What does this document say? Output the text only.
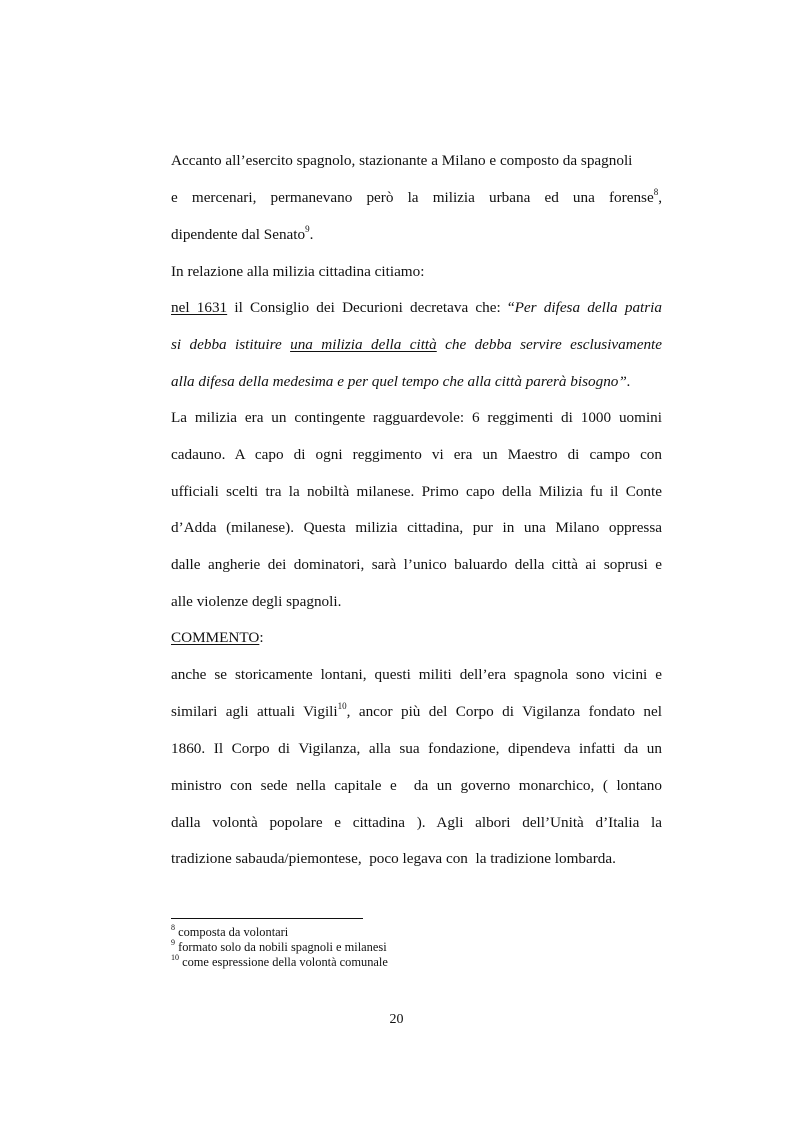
Accanto all’esercito spagnolo, stazionante a Milano e composto da spagnoli
e mercenari, permanevano però la milizia urbana ed una forense$^8$,
dipendente dal Senato$^9$.
In relazione alla milizia cittadina citiamo:
nel 1631 il Consiglio dei Decurioni decretava che: “Per difesa della patria
si debba istituire una milizia della città che debba servire esclusivamente
alla difesa della medesima e per quel tempo che alla città parerà bisogno”.
La milizia era un contingente ragguardevole: 6 reggimenti di 1000 uomini
cadauno. A capo di ogni reggimento vi era un Maestro di campo con
ufficiali scelti tra la nobiltà milanese. Primo capo della Milizia fu il Conte
d’Adda (milanese). Questa milizia cittadina, pur in una Milano oppressa
dalle angherie dei dominatori, sarà l’unico baluardo della città ai soprusi e
alle violenze degli spagnoli.
COMMENTO:
anche se storicamente lontani, questi militi dell’era spagnola sono vicini e
similari agli attuali Vigili$^{10}$, ancor più del Corpo di Vigilanza fondato nel
1860. Il Corpo di Vigilanza, alla sua fondazione, dipendeva infatti da un
ministro con sede nella capitale e  da un governo monarchico, ( lontano
dalla volontà popolare e cittadina ). Agli albori dell’Unità d’Italia la
tradizione sabauda/piemontese,  poco legava con  la tradizione lombarda.
$^8$ composta da volontari
$^9$ formato solo da nobili spagnoli e milanesi
$^{10}$ come espressione della volontà comunale
20
